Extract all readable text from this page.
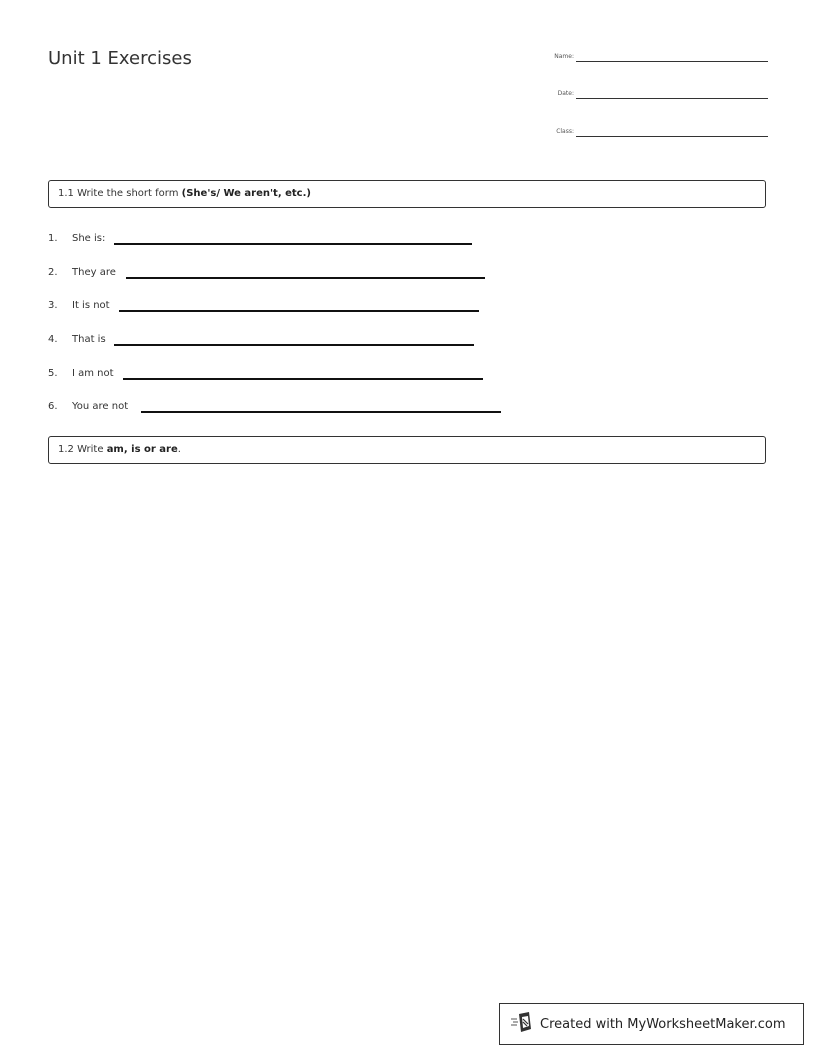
Unit 1 Exercises	Name:
Date:
Class:
1.1 Write the short form (She's/ We aren't, etc.)
1. She is:
2. They are
3. It is not
4. That is
5. I am not
6. You are not
1.2 Write am, is or are.
Created with MyWorksheetMaker.com
